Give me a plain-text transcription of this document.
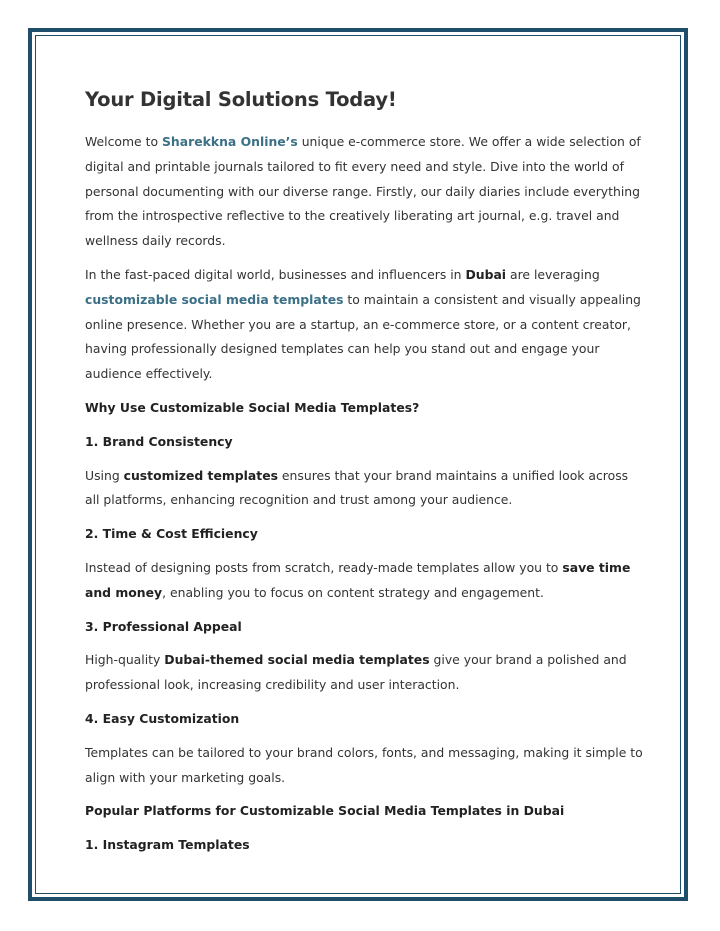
Your Digital Solutions Today!

Welcome to Sharekkna Online’s unique e-commerce store. We offer a wide selection of digital and printable journals tailored to fit every need and style. Dive into the world of personal documenting with our diverse range. Firstly, our daily diaries include everything from the introspective reflective to the creatively liberating art journal, e.g. travel and wellness daily records.

In the fast-paced digital world, businesses and influencers in Dubai are leveraging customizable social media templates to maintain a consistent and visually appealing online presence. Whether you are a startup, an e-commerce store, or a content creator, having professionally designed templates can help you stand out and engage your audience effectively.

Why Use Customizable Social Media Templates?
1. Brand Consistency

Using customized templates ensures that your brand maintains a unified look across all platforms, enhancing recognition and trust among your audience.

2. Time & Cost Efficiency

Instead of designing posts from scratch, ready-made templates allow you to save time and money, enabling you to focus on content strategy and engagement.

3. Professional Appeal

High-quality Dubai-themed social media templates give your brand a polished and professional look, increasing credibility and user interaction.

4. Easy Customization

Templates can be tailored to your brand colors, fonts, and messaging, making it simple to align with your marketing goals.

Popular Platforms for Customizable Social Media Templates in Dubai
1. Instagram Templates
